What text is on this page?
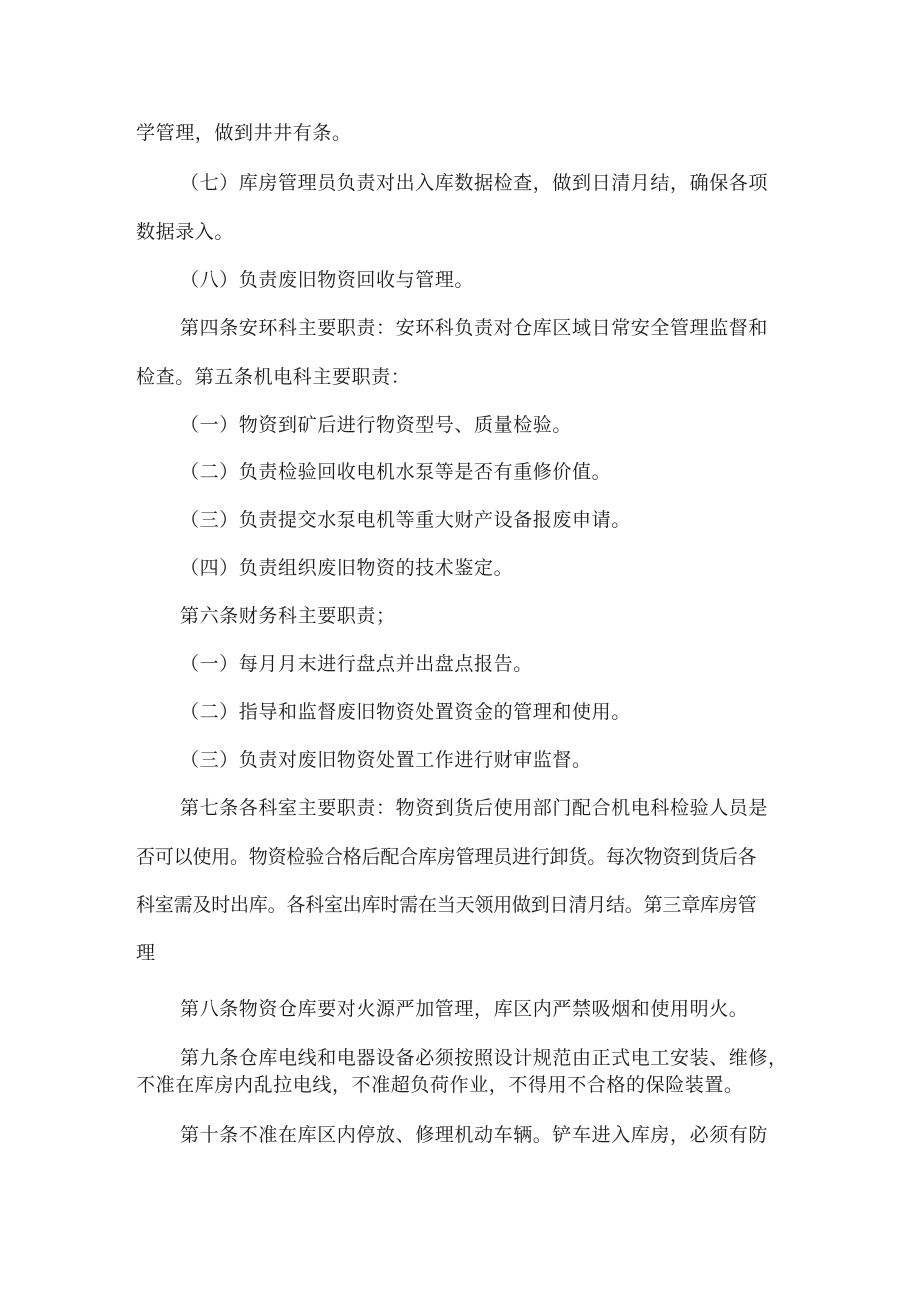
学管理，做到井井有条。
（七）库房管理员负责对出入库数据检查，做到日清月结，确保各项
数据录入。
（八）负责废旧物资回收与管理。
第四条安环科主要职责：安环科负责对仓库区域日常安全管理监督和
检查。第五条机电科主要职责：
（一）物资到矿后进行物资型号、质量检验。
（二）负责检验回收电机水泵等是否有重修价值。
（三）负责提交水泵电机等重大财产设备报废申请。
（四）负责组织废旧物资的技术鉴定。
第六条财务科主要职责；
（一）每月月末进行盘点并出盘点报告。
（二）指导和监督废旧物资处置资金的管理和使用。
（三）负责对废旧物资处置工作进行财审监督。
第七条各科室主要职责：物资到货后使用部门配合机电科检验人员是
否可以使用。物资检验合格后配合库房管理员进行卸货。每次物资到货后各
科室需及时出库。各科室出库时需在当天领用做到日清月结。第三章库房管
理
第八条物资仓库要对火源严加管理，库区内严禁吸烟和使用明火。
第九条仓库电线和电器设备必须按照设计规范由正式电工安装、维修，
不准在库房内乱拉电线，不准超负荷作业，不得用不合格的保险装置。
第十条不准在库区内停放、修理机动车辆。铲车进入库房，必须有防
